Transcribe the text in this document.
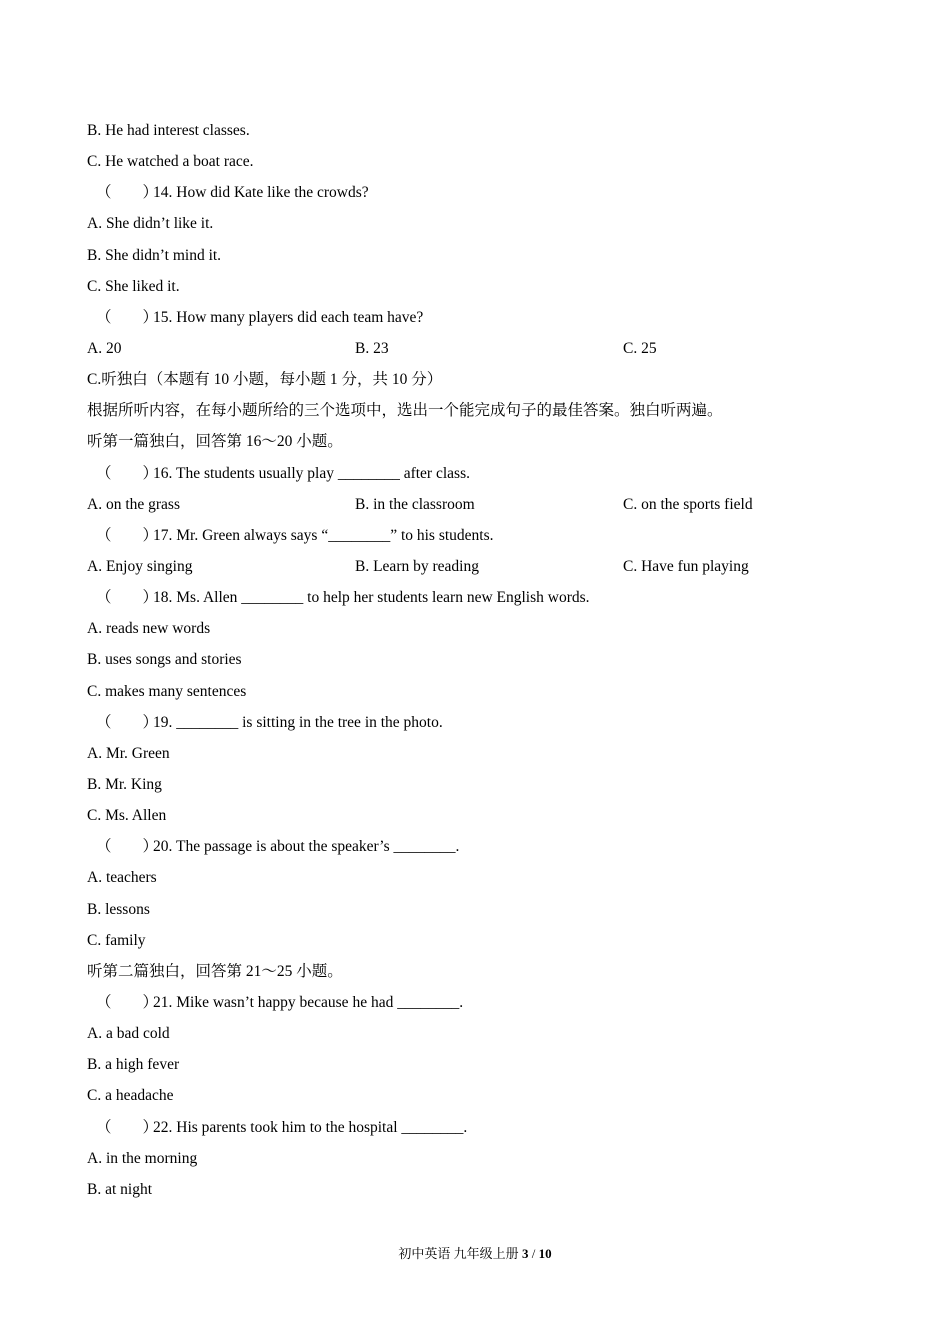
B. He had interest classes.
C. He watched a boat race.
（　　）14. How did Kate like the crowds?
A. She didn’t like it.
B. She didn’t mind it.
C. She liked it.
（　　）15. How many players did each team have?
A. 20	B. 23	C. 25
C.听独白（本题有 10 小题，每小题 1 分，共 10 分）
根据所听内容，在每小题所给的三个选项中，选出一个能完成句子的最佳答案。独白听两遍。
听第一篇独白，回答第 16～20 小题。
（　　）16. The students usually play ________ after class.
A. on the grass	B. in the classroom	C. on the sports field
（　　）17. Mr. Green always says “________” to his students.
A. Enjoy singing	B. Learn by reading	C. Have fun playing
（　　）18. Ms. Allen ________ to help her students learn new English words.
A. reads new words
B. uses songs and stories
C. makes many sentences
（　　）19. ________ is sitting in the tree in the photo.
A. Mr. Green
B. Mr. King
C. Ms. Allen
（　　）20. The passage is about the speaker’s ________.
A. teachers
B. lessons
C. family
听第二篇独白，回答第 21～25 小题。
（　　）21. Mike wasn’t happy because he had ________.
A. a bad cold
B. a high fever
C. a headache
（　　）22. His parents took him to the hospital ________.
A. in the morning
B. at night
初中英语 九年级上册 3 / 10
